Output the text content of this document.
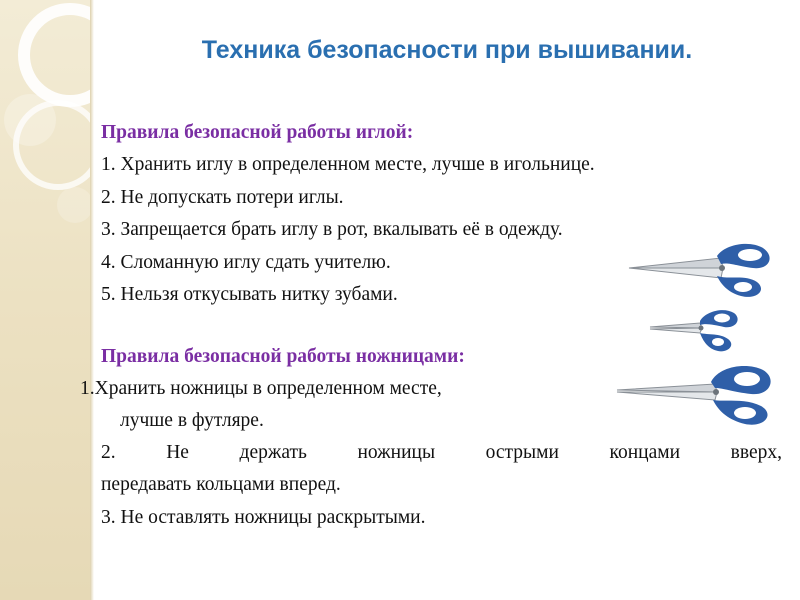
Техника безопасности при вышивании.
Правила безопасной работы иглой:
1. Хранить иглу в определенном месте, лучше в игольнице.
2. Не допускать потери иглы.
3. Запрещается брать иглу в рот, вкалывать её в одежду.
4. Сломанную иглу сдать учителю.
5. Нельзя откусывать нитку зубами.
Правила безопасной работы ножницами:
1.Хранить ножницы в определенном месте,
лучше в футляре.
2.	Не	держать	ножницы	острыми	концами	вверх,
передавать кольцами вперед.
3. Не оставлять ножницы раскрытыми.
